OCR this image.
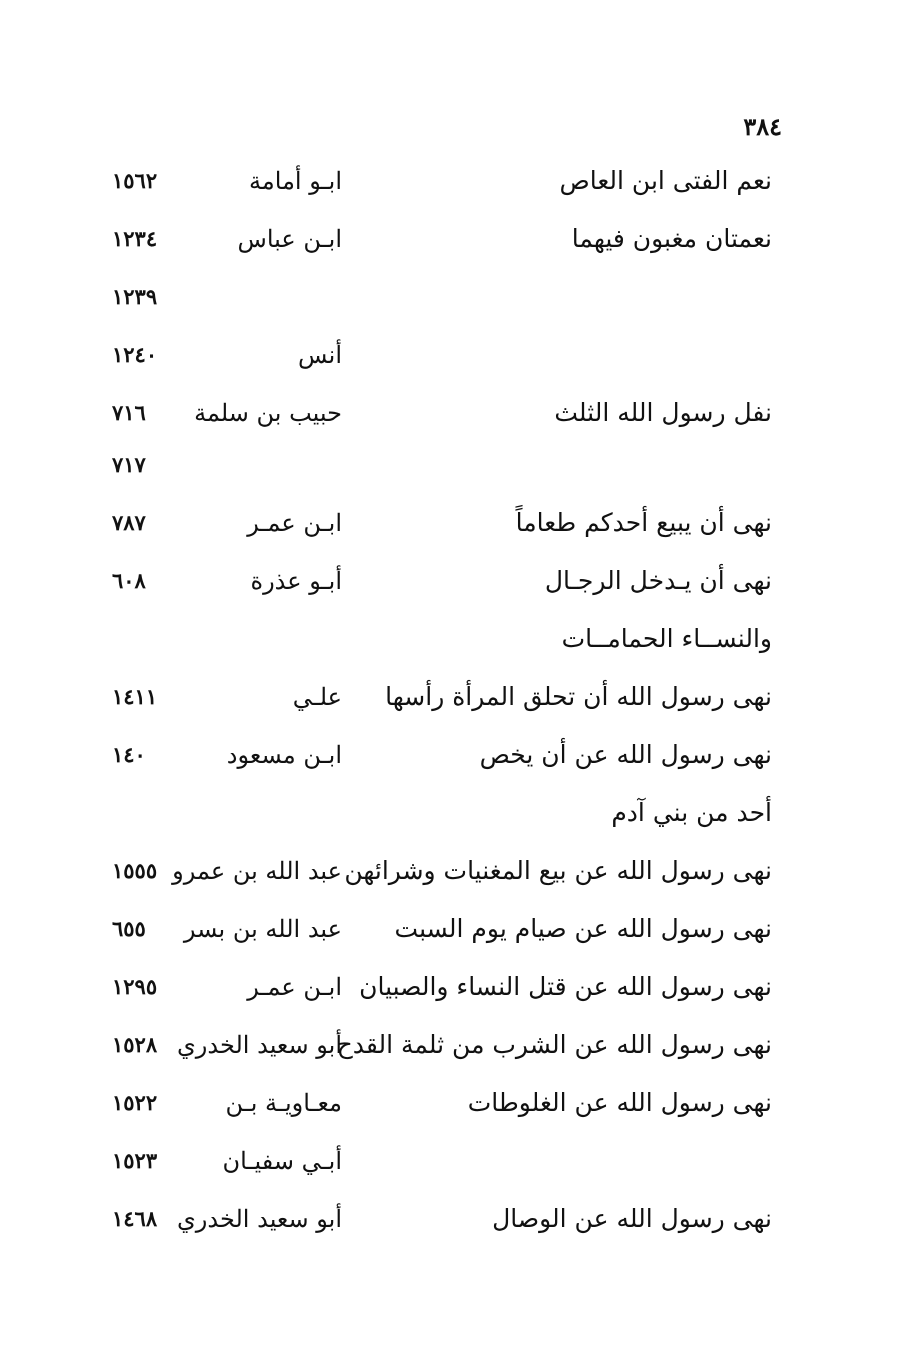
٣٨٤
نعم الفتى ابن العاص
ابـو أمامة
١٥٦٢
نعمتان مغبون فيهما
ابـن عباس
١٢٣٤
١٢٣٩
أنس
١٢٤٠
نفل رسول الله الثلث
حبيب بن سلمة
٧١٦
٧١٧
نهى أن يبيع أحدكم طعاماً
ابـن عمـر
٧٨٧
نهى أن يـدخل الرجـال
أبـو عذرة
٦٠٨
والنســاء الحمامــات
نهى رسول الله أن تحلق المرأة رأسها
علـي
١٤١١
نهى رسول الله عن أن يخص
ابـن مسعود
١٤٠
أحد من بني آدم
نهى رسول الله عن بيع المغنيات وشرائهن
عبد الله بن عمرو
١٥٥٥
نهى رسول الله عن صيام يوم السبت
عبد الله بن بسر
٦٥٥
نهى رسول الله عن قتل النساء والصبيان
ابـن عمـر
١٢٩٥
نهى رسول الله عن الشرب من ثلمة القدح
أبو سعيد الخدري
١٥٢٨
نهى رسول الله عن الغلوطات
معـاويـة بـن
١٥٢٢
أبـي سفيـان
١٥٢٣
نهى رسول الله عن الوصال
أبو سعيد الخدري
١٤٦٨
